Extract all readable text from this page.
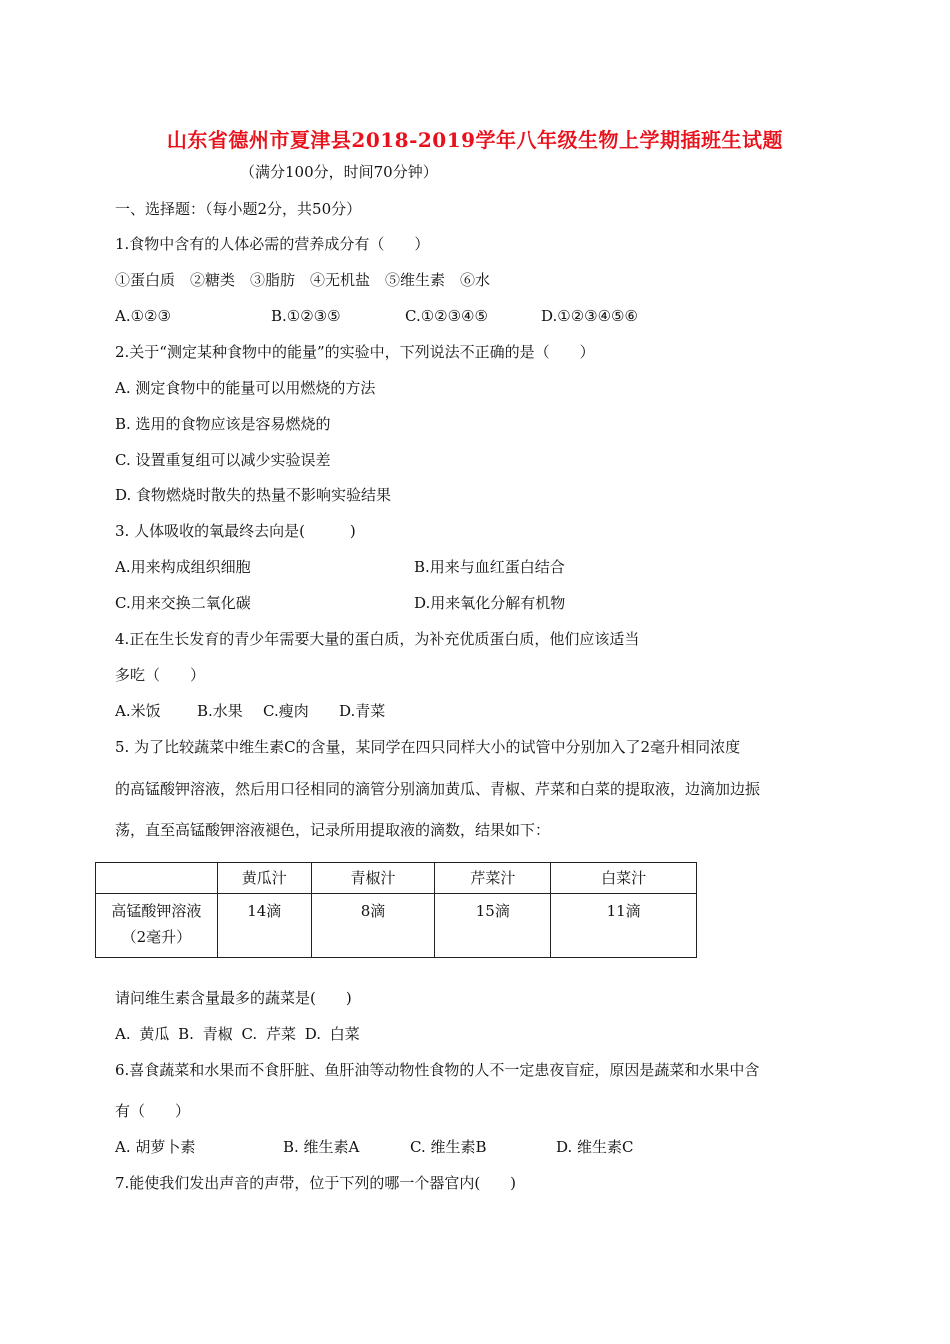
山东省德州市夏津县2018-2019学年八年级生物上学期插班生试题
（满分100分，时间70分钟）
一、选择题：（每小题2分，共50分）
1.食物中含有的人体必需的营养成分有（　　）
①蛋白质　②糖类　③脂肪　④无机盐　⑤维生素　⑥水
A.①②③	B.①②③⑤	C.①②③④⑤	D.①②③④⑤⑥
2.关于“测定某种食物中的能量”的实验中，下列说法不正确的是（　　）
A. 测定食物中的能量可以用燃烧的方法
B. 选用的食物应该是容易燃烧的
C. 设置重复组可以减少实验误差
D. 食物燃烧时散失的热量不影响实验结果
3. 人体吸收的氧最终去向是(　　　)
A.用来构成组织细胞	B.用来与血红蛋白结合
C.用来交换二氧化碳	D.用来氧化分解有机物
4.正在生长发育的青少年需要大量的蛋白质，为补充优质蛋白质，他们应该适当
多吃（　　）
A.米饭 B.水果 C.瘦肉 D.青菜
5. 为了比较蔬菜中维生素C的含量，某同学在四只同样大小的试管中分别加入了2毫升相同浓度
的高锰酸钾溶液，然后用口径相同的滴管分别滴加黄瓜、青椒、芹菜和白菜的提取液，边滴加边振
荡，直至高锰酸钾溶液褪色，记录所用提取液的滴数，结果如下：
	黄瓜汁	青椒汁	芹菜汁	白菜汁

高锰酸钾溶液
（2毫升）	14滴	8滴	15滴	11滴
请问维生素含量最多的蔬菜是(　　)
A. 黄瓜 B. 青椒 C. 芹菜 D. 白菜
6.喜食蔬菜和水果而不食肝脏、鱼肝油等动物性食物的人不一定患夜盲症，原因是蔬菜和水果中含
有（　　）
A. 胡萝卜素	B. 维生素A	C. 维生素B	D. 维生素C
7.能使我们发出声音的声带，位于下列的哪一个器官内(　　)
